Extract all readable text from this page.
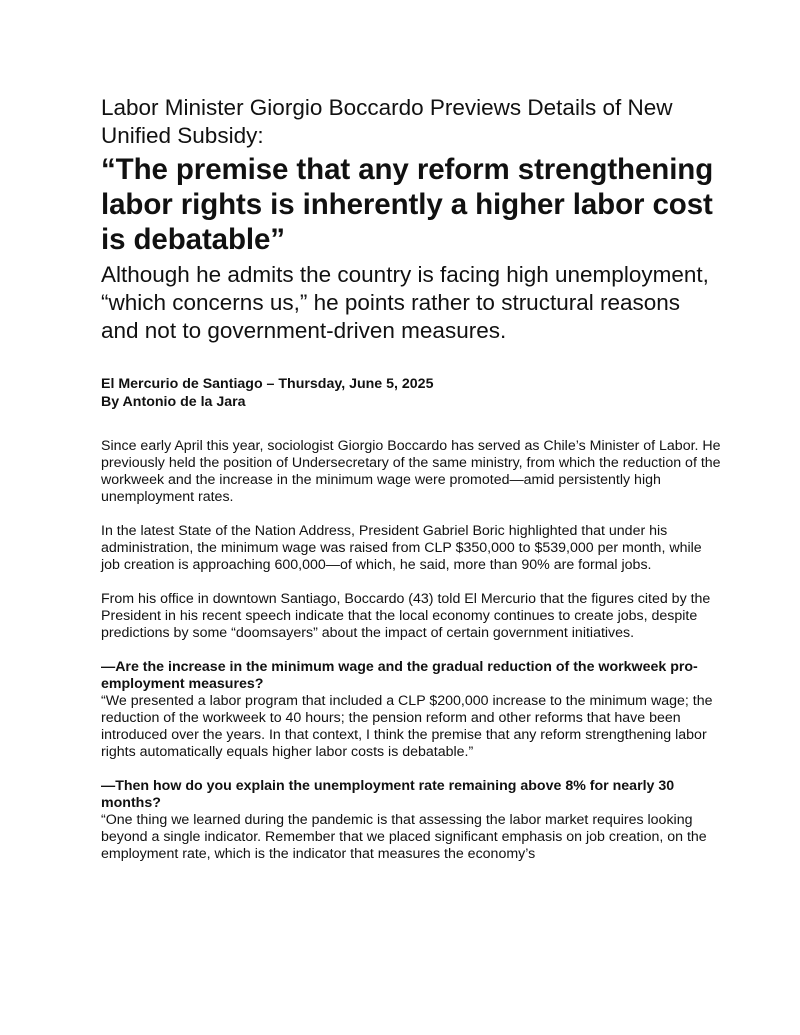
Labor Minister Giorgio Boccardo Previews Details of New Unified Subsidy:
“The premise that any reform strengthening labor rights is inherently a higher labor cost is debatable”

Although he admits the country is facing high unemployment, “which concerns us,” he points rather to structural reasons and not to government-driven measures.

El Mercurio de Santiago – Thursday, June 5, 2025
By Antonio de la Jara

Since early April this year, sociologist Giorgio Boccardo has served as Chile’s Minister of Labor. He previously held the position of Undersecretary of the same ministry, from which the reduction of the workweek and the increase in the minimum wage were promoted—amid persistently high unemployment rates.

In the latest State of the Nation Address, President Gabriel Boric highlighted that under his administration, the minimum wage was raised from CLP $350,000 to $539,000 per month, while job creation is approaching 600,000—of which, he said, more than 90% are formal jobs.

From his office in downtown Santiago, Boccardo (43) told El Mercurio that the figures cited by the President in his recent speech indicate that the local economy continues to create jobs, despite predictions by some “doomsayers” about the impact of certain government initiatives.

—Are the increase in the minimum wage and the gradual reduction of the workweek pro-employment measures?

“We presented a labor program that included a CLP $200,000 increase to the minimum wage; the reduction of the workweek to 40 hours; the pension reform and other reforms that have been introduced over the years. In that context, I think the premise that any reform strengthening labor rights automatically equals higher labor costs is debatable.”

—Then how do you explain the unemployment rate remaining above 8% for nearly 30 months?

“One thing we learned during the pandemic is that assessing the labor market requires looking beyond a single indicator. Remember that we placed significant emphasis on job creation, on the employment rate, which is the indicator that measures the economy’s
